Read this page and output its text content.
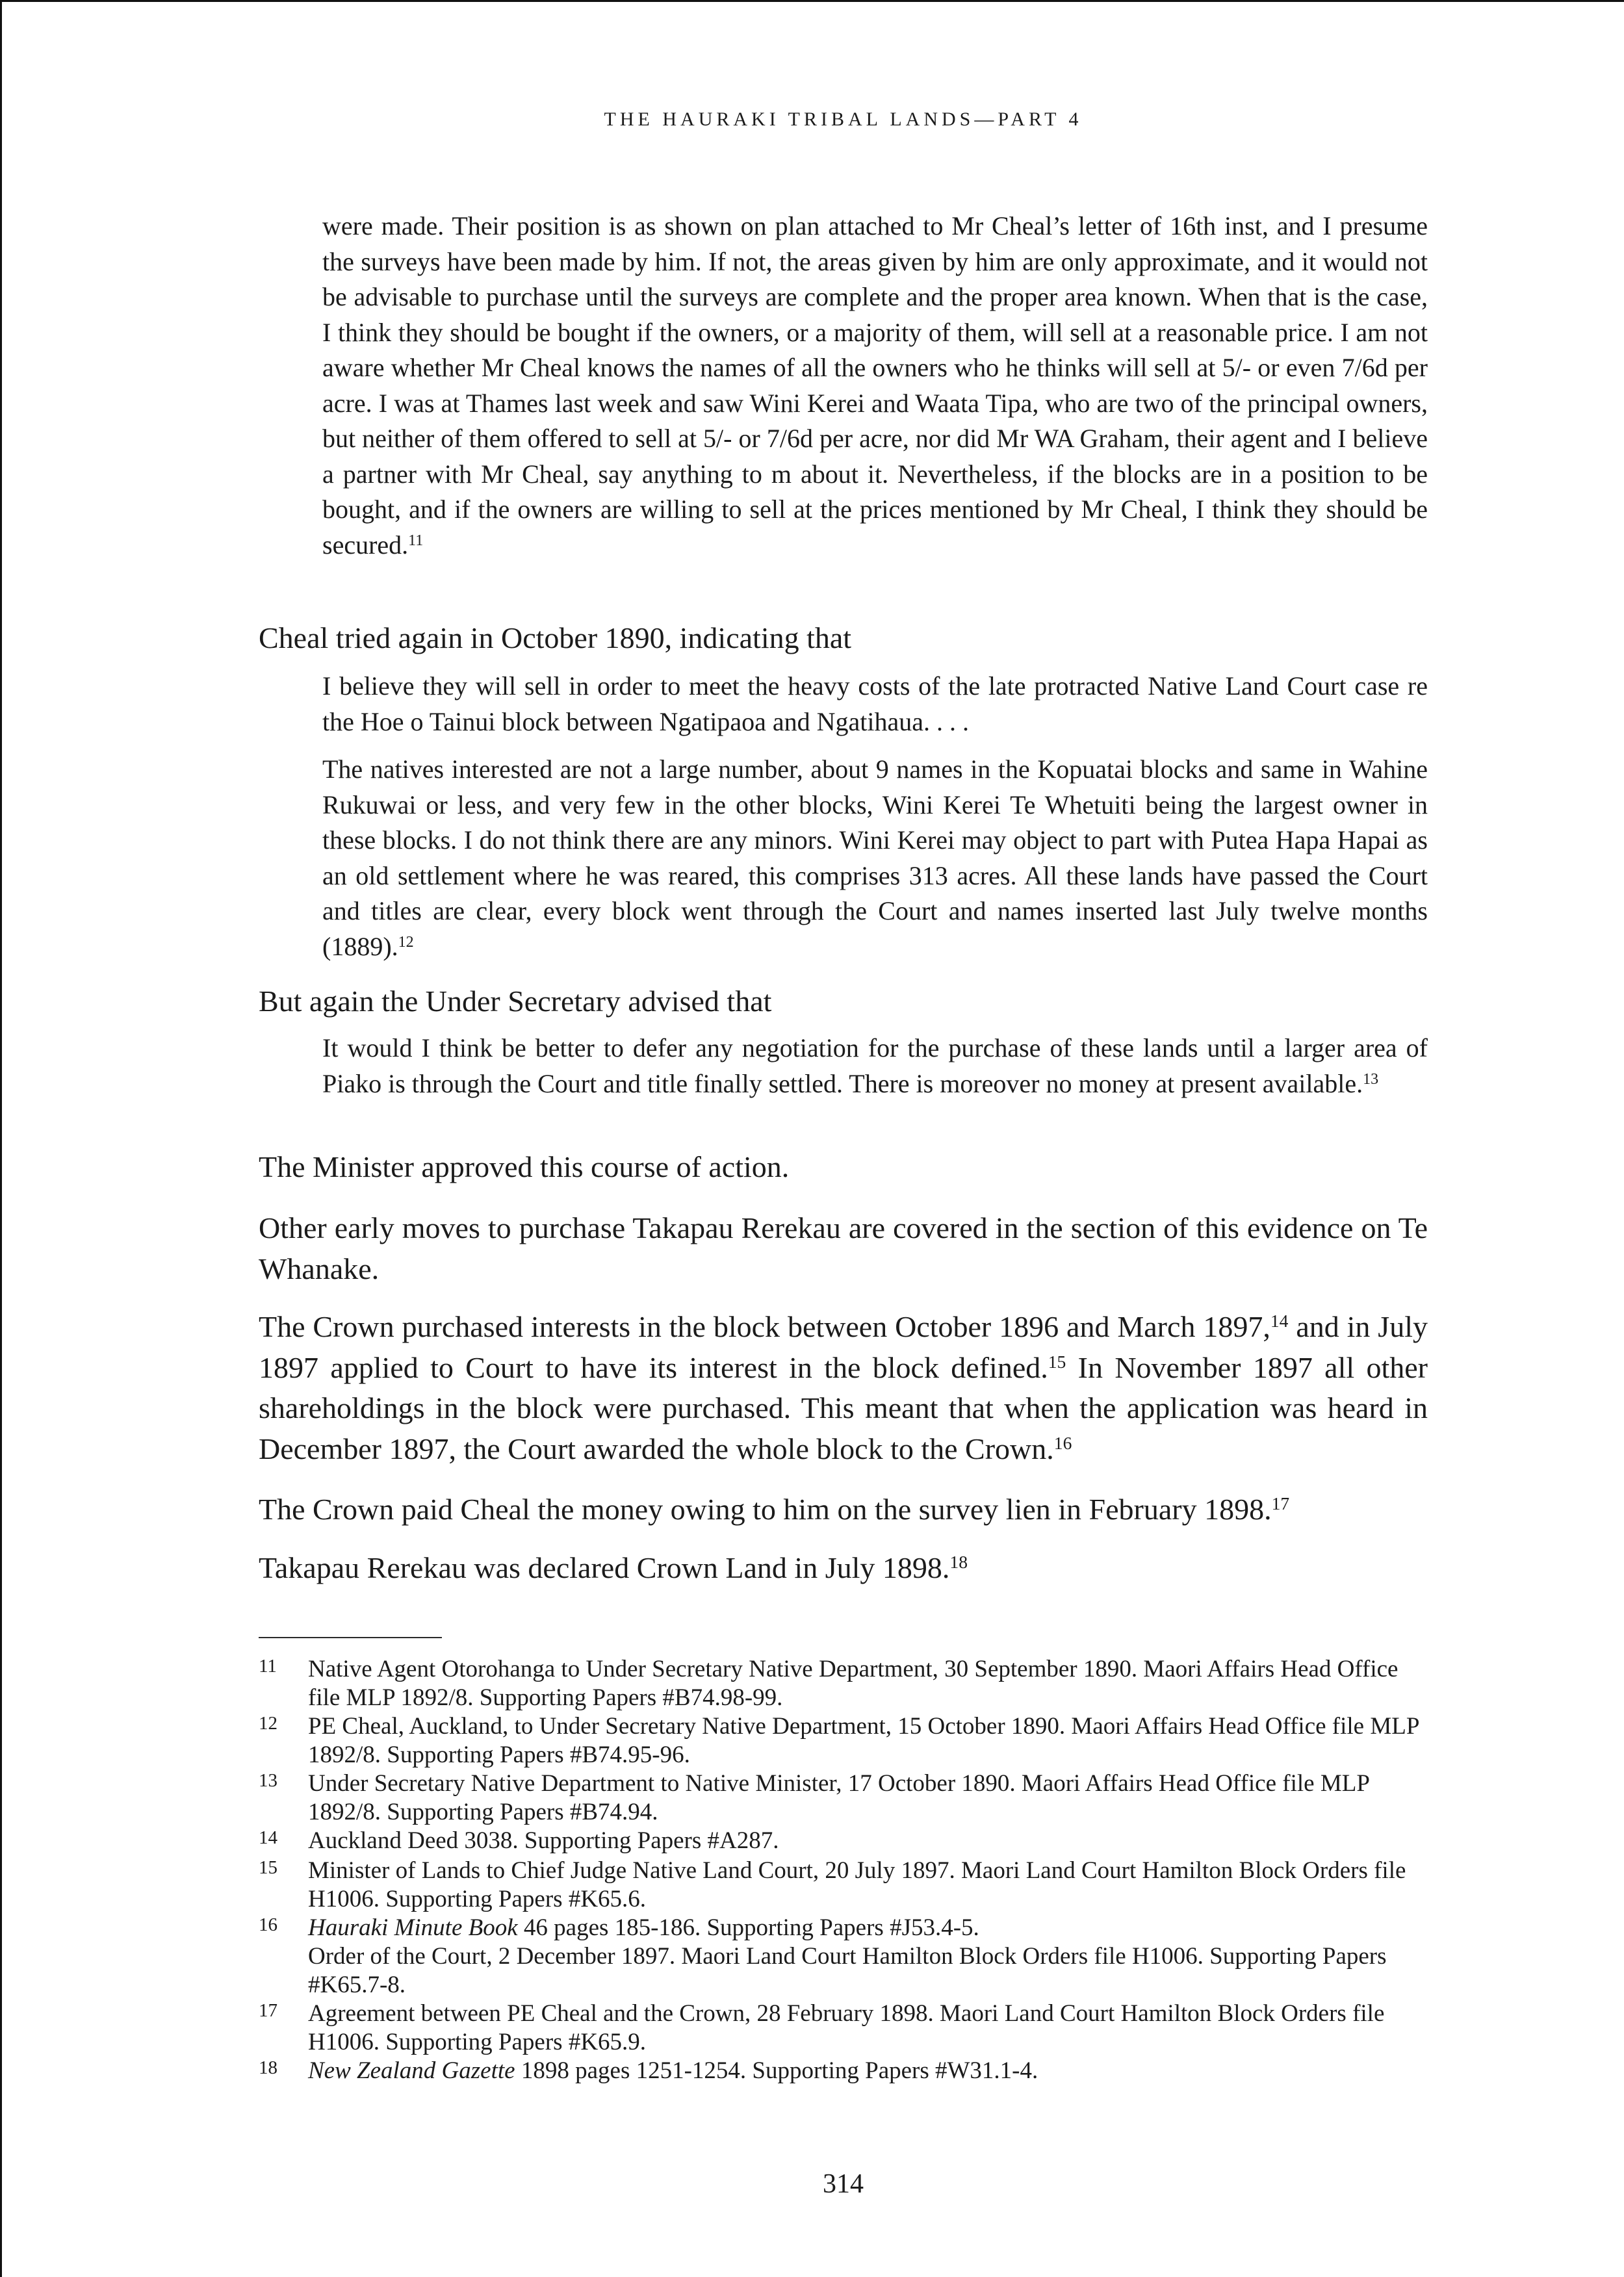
THE HAURAKI TRIBAL LANDS—PART 4

were made. Their position is as shown on plan attached to Mr Cheal’s letter of 16th inst, and I presume the surveys have been made by him. If not, the areas given by him are only approximate, and it would not be advisable to purchase until the surveys are complete and the proper area known. When that is the case, I think they should be bought if the owners, or a majority of them, will sell at a reasonable price. I am not aware whether Mr Cheal knows the names of all the owners who he thinks will sell at 5/- or even 7/6d per acre. I was at Thames last week and saw Wini Kerei and Waata Tipa, who are two of the principal owners, but neither of them offered to sell at 5/- or 7/6d per acre, nor did Mr WA Graham, their agent and I believe a partner with Mr Cheal, say anything to m about it. Nevertheless, if the blocks are in a position to be bought, and if the owners are willing to sell at the prices mentioned by Mr Cheal, I think they should be secured.$^{11}$

Cheal tried again in October 1890, indicating that

I believe they will sell in order to meet the heavy costs of the late protracted Native Land Court case re the Hoe o Tainui block between Ngatipaoa and Ngatihaua. . . .

The natives interested are not a large number, about 9 names in the Kopuatai blocks and same in Wahine Rukuwai or less, and very few in the other blocks, Wini Kerei Te Whetuiti being the largest owner in these blocks. I do not think there are any minors. Wini Kerei may object to part with Putea Hapa Hapai as an old settlement where he was reared, this comprises 313 acres. All these lands have passed the Court and titles are clear, every block went through the Court and names inserted last July twelve months (1889).$^{12}$

But again the Under Secretary advised that

It would I think be better to defer any negotiation for the purchase of these lands until a larger area of Piako is through the Court and title finally settled. There is moreover no money at present available.$^{13}$

The Minister approved this course of action.

Other early moves to purchase Takapau Rerekau are covered in the section of this evidence on Te Whanake.

The Crown purchased interests in the block between October 1896 and March 1897,14 and in July 1897 applied to Court to have its interest in the block defined.$^{15}$ In November 1897 all other shareholdings in the block were purchased. This meant that when the application was heard in December 1897, the Court awarded the whole block to the Crown.$^{16}$

The Crown paid Cheal the money owing to him on the survey lien in February 1898.17

Takapau Rerekau was declared Crown Land in July 1898.18

11	Native Agent Otorohanga to Under Secretary Native Department, 30 September 1890. Maori Affairs Head Office file MLP 1892/8. Supporting Papers #B74.98-99.
12	PE Cheal, Auckland, to Under Secretary Native Department, 15 October 1890. Maori Affairs Head Office file MLP 1892/8. Supporting Papers #B74.95-96.
13	Under Secretary Native Department to Native Minister, 17 October 1890. Maori Affairs Head Office file MLP 1892/8. Supporting Papers #B74.94.
14	Auckland Deed 3038. Supporting Papers #A287.
15	Minister of Lands to Chief Judge Native Land Court, 20 July 1897. Maori Land Court Hamilton Block Orders file H1006. Supporting Papers #K65.6.
16	Hauraki Minute Book 46 pages 185-186. Supporting Papers #J53.4-5.
Order of the Court, 2 December 1897. Maori Land Court Hamilton Block Orders file H1006. Supporting Papers #K65.7-8.
17	Agreement between PE Cheal and the Crown, 28 February 1898. Maori Land Court Hamilton Block Orders file H1006. Supporting Papers #K65.9.
18	New Zealand Gazette 1898 pages 1251-1254. Supporting Papers #W31.1-4.
314
